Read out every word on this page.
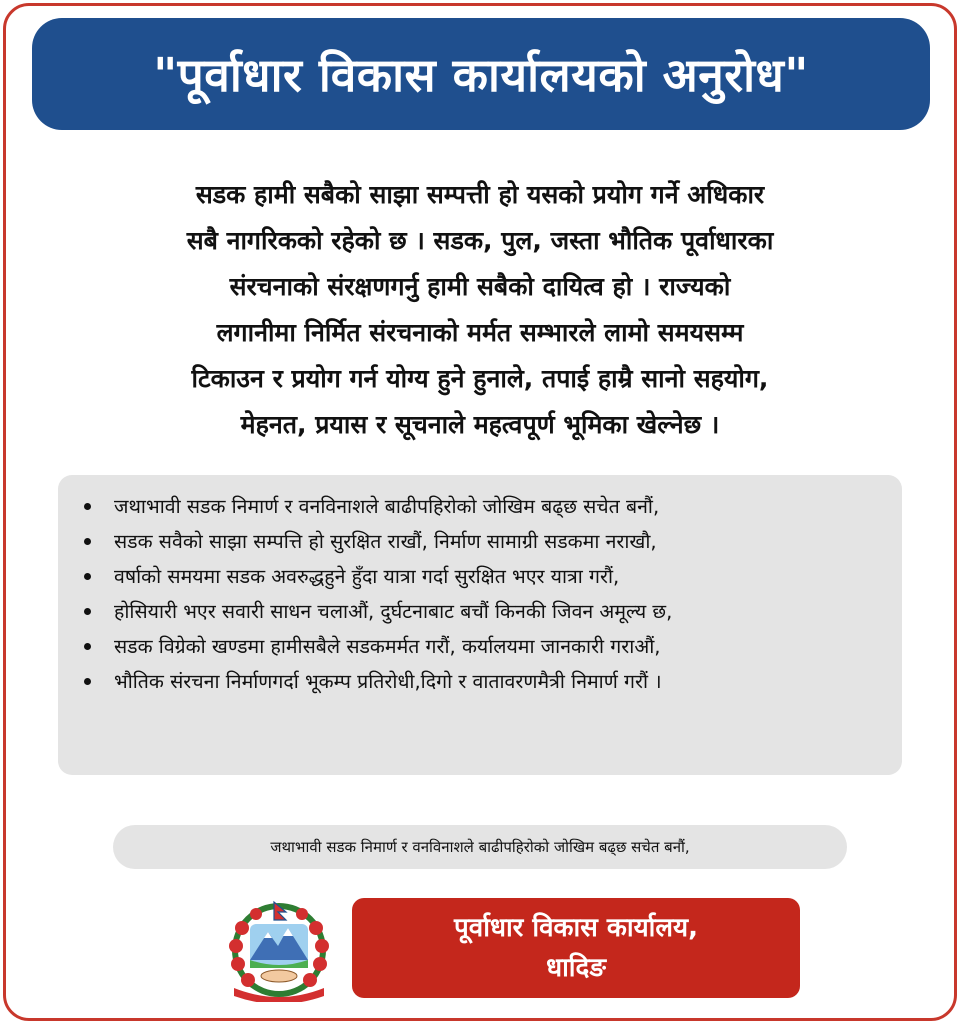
"पूर्वाधार विकास कार्यालयको अनुरोध"
सडक हामी सबैको साझा सम्पत्ती हो यसको प्रयोग गर्ने अधिकार
सबै नागरिकको रहेको छ । सडक, पुल, जस्ता भौतिक पूर्वाधारका
संरचनाको संरक्षणगर्नु हामी सबैको दायित्व हो । राज्यको
लगानीमा निर्मित संरचनाको मर्मत सम्भारले लामो समयसम्म
टिकाउन र प्रयोग गर्न योग्य हुने हुनाले, तपाई हाम्रै सानो सहयोग,
मेहनत, प्रयास र सूचनाले महत्वपूर्ण भूमिका खेल्नेछ ।
जथाभावी सडक निमार्ण र वनविनाशले बाढीपहिरोको जोखिम बढ्छ सचेत बनौं,
सडक सवैको साझा सम्पत्ति हो सुरक्षित राखौं, निर्माण सामाग्री सडकमा नराखौ,
वर्षाको समयमा सडक अवरुद्धहुने हुँदा यात्रा गर्दा सुरक्षित भएर यात्रा गरौं,
होसियारी भएर सवारी साधन चलाऔं, दुर्घटनाबाट बचौं किनकी जिवन अमूल्य छ,
सडक विग्रेको खण्डमा हामीसबैले सडकमर्मत गरौं, कर्यालयमा जानकारी गराऔं,
भौतिक संरचना निर्माणगर्दा भूकम्प प्रतिरोधी,दिगो र वातावरणमैत्री निमार्ण गरौं ।
जथाभावी सडक निमार्ण र वनविनाशले बाढीपहिरोको जोखिम बढ्छ सचेत बनौं,
पूर्वाधार विकास कार्यालय,
धादिङ
